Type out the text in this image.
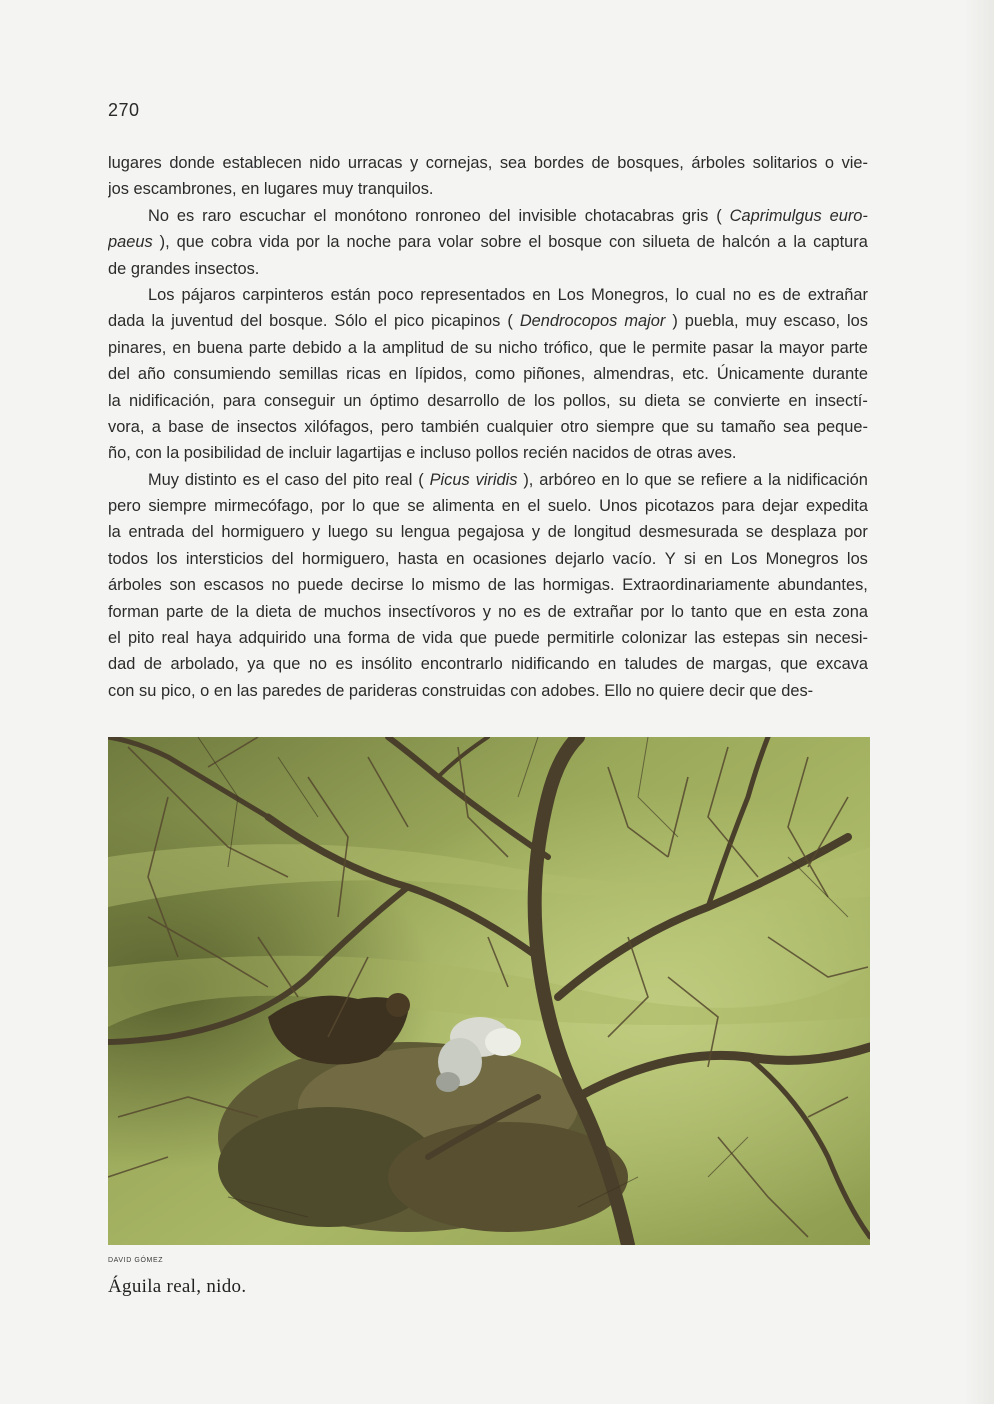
270
lugares donde establecen nido urracas y cornejas, sea bordes de bosques, árboles solitarios o vie-
jos escambrones, en lugares muy tranquilos.
No es raro escuchar el monótono ronroneo del invisible chotacabras gris ( Caprimulgus euro-
paeus ), que cobra vida por la noche para volar sobre el bosque con silueta de halcón a la captura
de grandes insectos.
Los pájaros carpinteros están poco representados en Los Monegros, lo cual no es de extrañar
dada la juventud del bosque. Sólo el pico picapinos ( Dendrocopos major ) puebla, muy escaso, los
pinares, en buena parte debido a la amplitud de su nicho trófico, que le permite pasar la mayor parte
del año consumiendo semillas ricas en lípidos, como piñones, almendras, etc. Únicamente durante
la nidificación, para conseguir un óptimo desarrollo de los pollos, su dieta se convierte en insectí-
vora, a base de insectos xilófagos, pero también cualquier otro siempre que su tamaño sea peque-
ño, con la posibilidad de incluir lagartijas e incluso pollos recién nacidos de otras aves.
Muy distinto es el caso del pito real ( Picus viridis ), arbóreo en lo que se refiere a la nidificación
pero siempre mirmecófago, por lo que se alimenta en el suelo. Unos picotazos para dejar expedita
la entrada del hormiguero y luego su lengua pegajosa y de longitud desmesurada se desplaza por
todos los intersticios del hormiguero, hasta en ocasiones dejarlo vacío. Y si en Los Monegros los
árboles son escasos no puede decirse lo mismo de las hormigas. Extraordinariamente abundantes,
forman parte de la dieta de muchos insectívoros y no es de extrañar por lo tanto que en esta zona
el pito real haya adquirido una forma de vida que puede permitirle colonizar las estepas sin necesi-
dad de arbolado, ya que no es insólito encontrarlo nidificando en taludes de margas, que excava
con su pico, o en las paredes de parideras construidas con adobes. Ello no quiere decir que des-
DAVID GÓMEZ
Águila real, nido.
